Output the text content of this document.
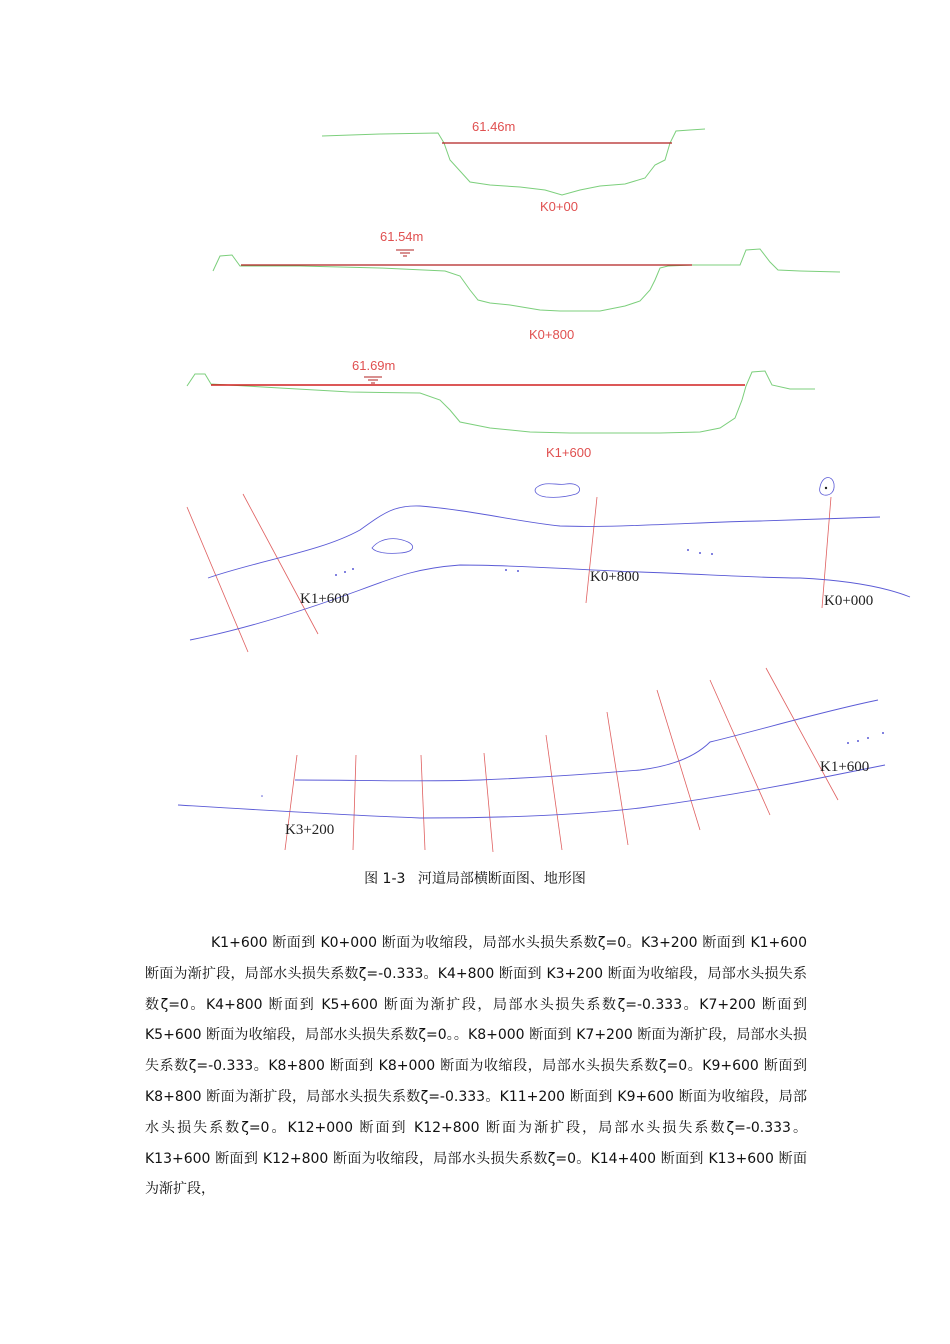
61.46m
K0+00
61.54m
K0+800
61.69m
K1+600
K1+600
K0+800
K0+000
K1+600
K3+200
图 1-3 河道局部横断面图、地形图

K1+600 断面到 K0+000 断面为收缩段，局部水头损失系数ζ=0。K3+200 断面到 K1+600 断面为渐扩段，局部水头损失系数ζ=-0.333。K4+800 断面到 K3+200 断面为收缩段，局部水头损失系数ζ=0。K4+800 断面到 K5+600 断面为渐扩段，局部水头损失系数ζ=-0.333。K7+200 断面到 K5+600 断面为收缩段，局部水头损失系数ζ=0。。K8+000 断面到 K7+200 断面为渐扩段，局部水头损失系数ζ=-0.333。K8+800 断面到 K8+000 断面为收缩段，局部水头损失系数ζ=0。K9+600 断面到 K8+800 断面为渐扩段，局部水头损失系数ζ=-0.333。K11+200 断面到 K9+600 断面为收缩段，局部水头损失系数ζ=0。K12+000 断面到 K12+800 断面为渐扩段，局部水头损失系数ζ=-0.333。K13+600 断面到 K12+800 断面为收缩段，局部水头损失系数ζ=0。K14+400 断面到 K13+600 断面为渐扩段，
